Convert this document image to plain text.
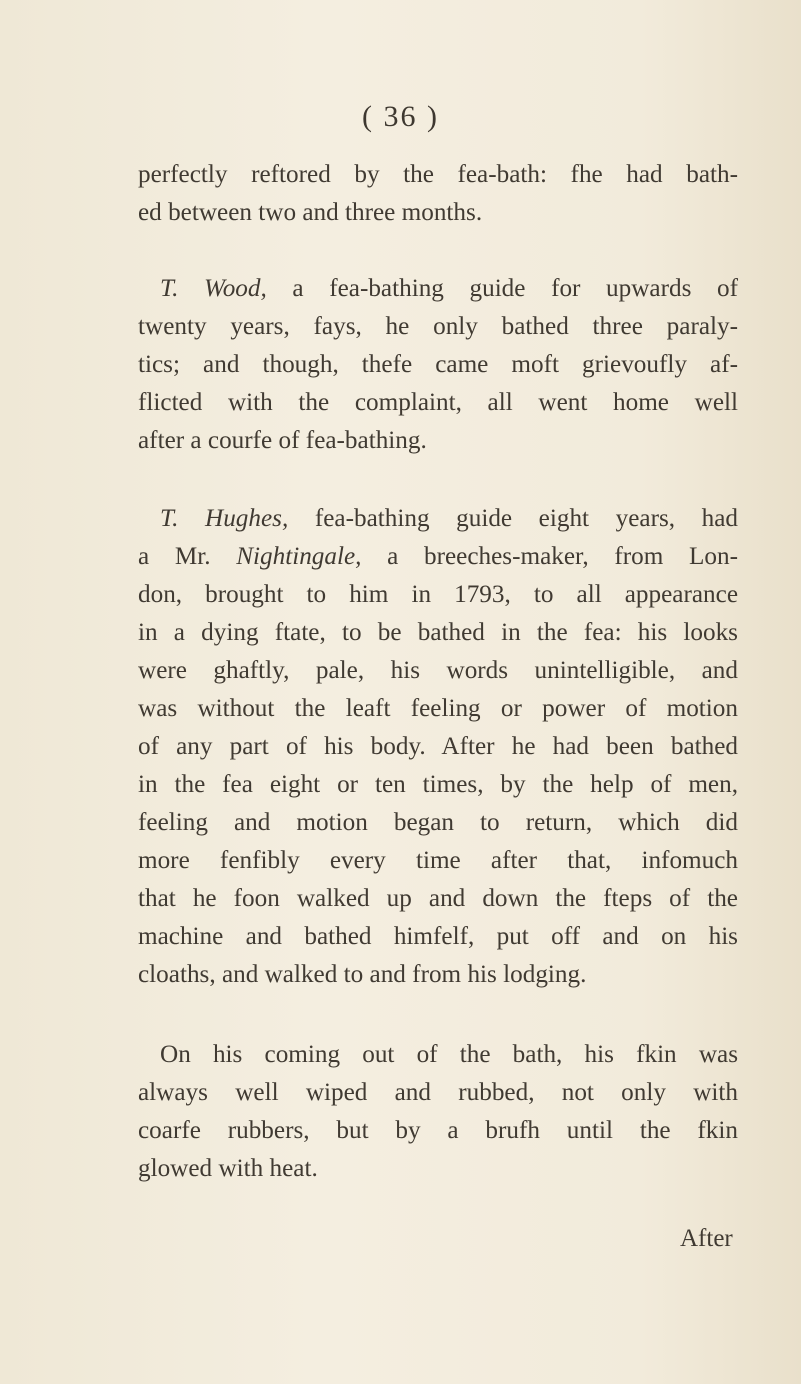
( 36 )
perfectly reftored by the fea-bath: fhe had bath-
ed between two and three months.
T. Wood, a fea-bathing guide for upwards of
twenty years, fays, he only bathed three paraly-
tics; and though, thefe came moft grievoufly af-
flicted with the complaint, all went home well
after a courfe of fea-bathing.
T. Hughes, fea-bathing guide eight years, had
a Mr. Nightingale, a breeches-maker, from Lon-
don, brought to him in 1793, to all appearance
in a dying ftate, to be bathed in the fea: his looks
were ghaftly, pale, his words unintelligible, and
was without the leaft feeling or power of motion
of any part of his body. After he had been bathed
in the fea eight or ten times, by the help of men,
feeling and motion began to return, which did
more fenfibly every time after that, infomuch
that he foon walked up and down the fteps of the
machine and bathed himfelf, put off and on his
cloaths, and walked to and from his lodging.
On his coming out of the bath, his fkin was
always well wiped and rubbed, not only with
coarfe rubbers, but by a brufh until the fkin
glowed with heat.
After
